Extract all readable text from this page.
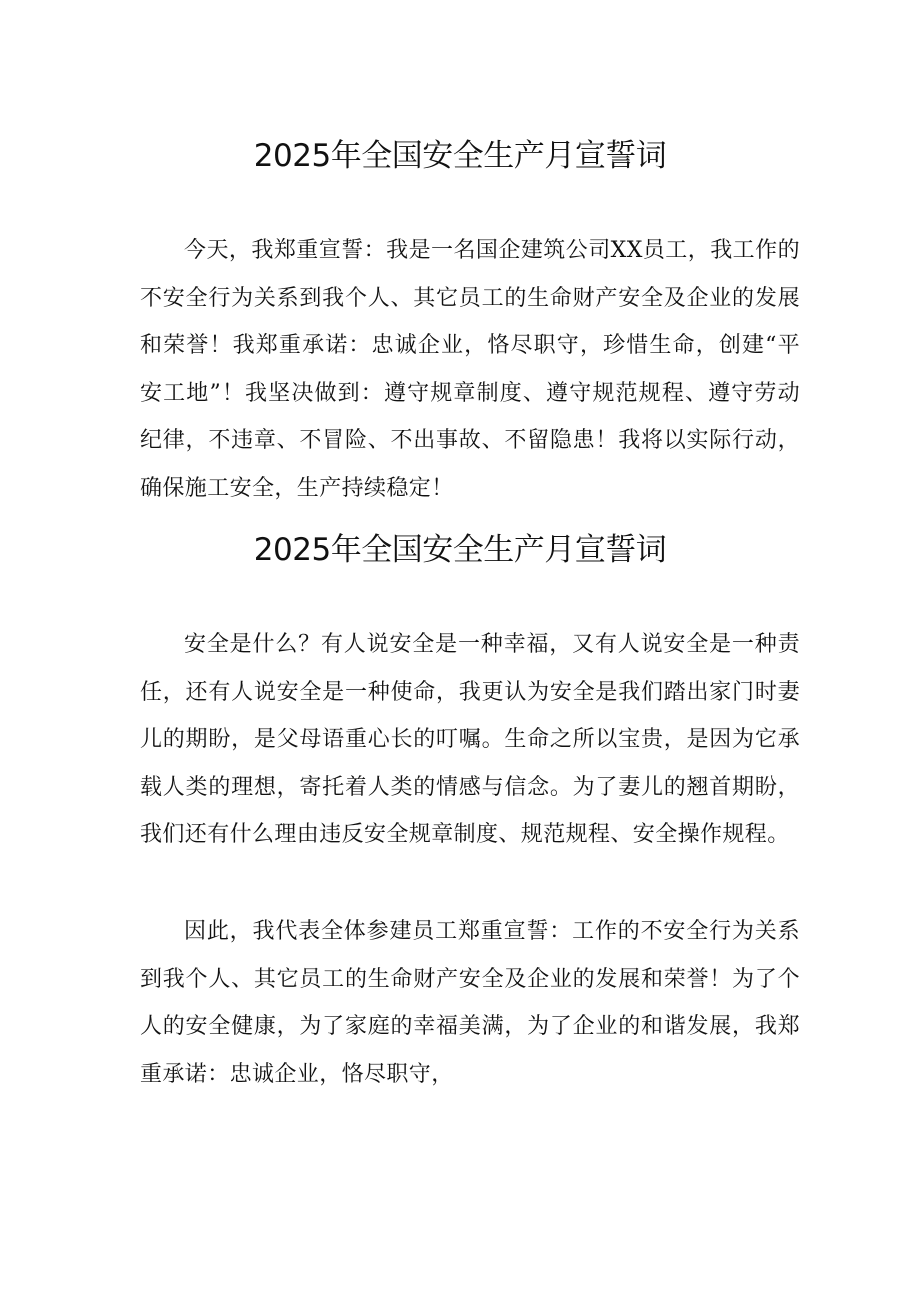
2025年全国安全生产月宣誓词

今天，我郑重宣誓：我是一名国企建筑公司XX员工，我工作的不安全行为关系到我个人、其它员工的生命财产安全及企业的发展和荣誉！我郑重承诺：忠诚企业，恪尽职守，珍惜生命，创建“平安工地”！我坚决做到：遵守规章制度、遵守规范规程、遵守劳动纪律，不违章、不冒险、不出事故、不留隐患！我将以实际行动，确保施工安全，生产持续稳定！

2025年全国安全生产月宣誓词

安全是什么？有人说安全是一种幸福，又有人说安全是一种责任，还有人说安全是一种使命，我更认为安全是我们踏出家门时妻儿的期盼，是父母语重心长的叮嘱。生命之所以宝贵，是因为它承载人类的理想，寄托着人类的情感与信念。为了妻儿的翘首期盼，我们还有什么理由违反安全规章制度、规范规程、安全操作规程。

因此，我代表全体参建员工郑重宣誓：工作的不安全行为关系到我个人、其它员工的生命财产安全及企业的发展和荣誉！为了个人的安全健康，为了家庭的幸福美满，为了企业的和谐发展，我郑重承诺：忠诚企业，恪尽职守，
